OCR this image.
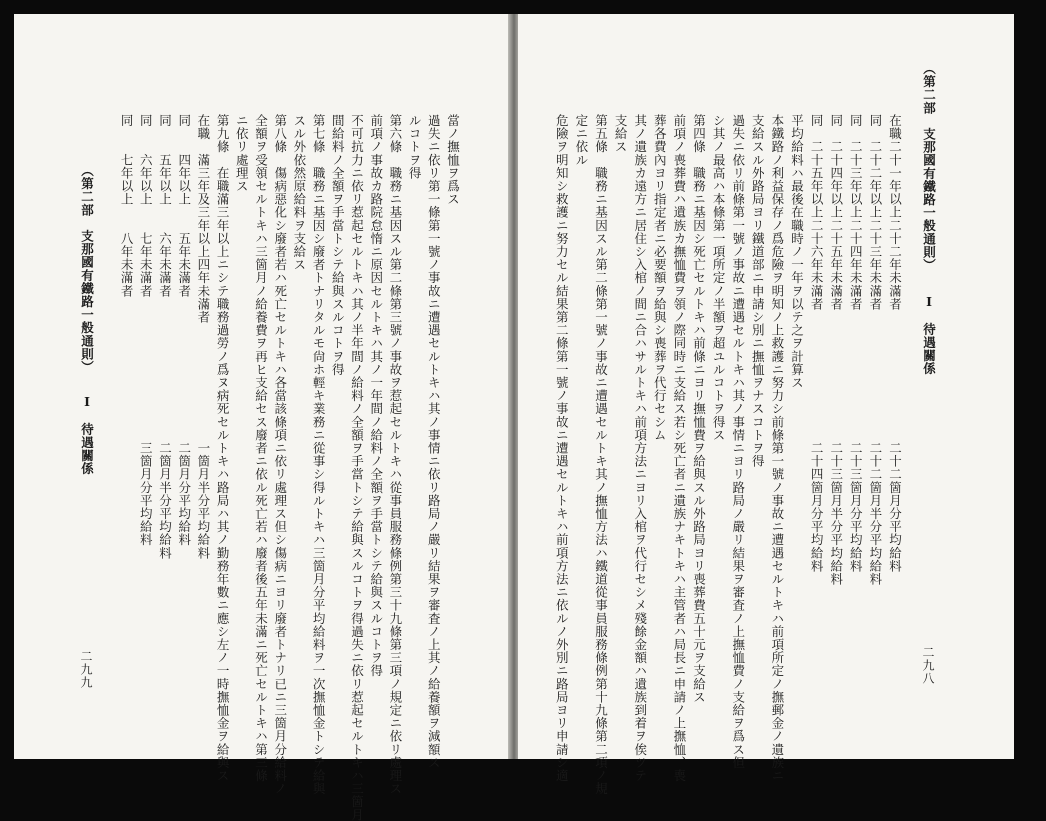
（第二部　支那國有鐵路一般通則）
Ⅰ　待遇關係
二九九
當ノ撫恤ヲ爲ス
過失ニ依リ第一條第一號ノ事故ニ遭遇セルトキハ其ノ事情ニ依リ路局ノ嚴リ結果ヲ審査ノ上其ノ給養額ヲ減額ス
ルコトヲ得
第六條　職務ニ基因スル第二條第三號ノ事故ヲ惹起セルトキハ從事員服務條例第三十九條第三項ノ規定ニ依リ處理ス
前項ノ事故カ路院怠惰ニ原因セルトキハ其ノ一年間ノ給料ノ全額ヲ手當トシテ給與スルコトヲ得
不可抗力ニ依リ惹起セルトキハ其ノ半年間ノ給料ノ全額ヲ手當トシテ給與スルコトヲ得過失ニ依リ惹起セルトキハ三箇月
間給料ノ全額ヲ手當トシテ給與スルコトヲ得
第七條　職務ニ基因シ廢者トナリタルモ尙ホ輕キ業務ニ從事シ得ルトキハ三箇月分平均給料ヲ一次撫恤金トシテ給與
スル外依然原給料ヲ支給ス
第八條　傷病惡化シ廢者若ハ死亡セルトキハ各當該條項ニ依リ處理ス但シ傷病ニヨリ廢者トナリ已ニ三箇月分給料ノ
全額ヲ受領セルトキハ三箇月ノ給養費ヲ再ヒ支給セス廢者ニ依ル死亡若ハ廢者後五年未滿ニ死亡セルトキハ第三條
ニ依リ處理ス
第九條　在職滿三年以上ニシテ職務過勞ノ爲ヌ病死セルトキハ路局ハ其ノ勤務年數ニ應シ左ノ一時撫恤金ヲ給與ス
在職　滿三年及三年以上四年未滿者　　　　　　　　　一箇月半分平均給料
同　　四年以上　　五年未滿者　　　　　　　　　　　二箇月分平均給料
同　　五年以上　　六年未滿者　　　　　　　　　　　二箇月半分平均給料
同　　六年以上　　七年未滿者　　　　　　　　　　　三箇月分平均給料
同　　七年以上　　八年未滿者	（第二部　支那國有鐵路一般通則）
Ⅰ　待遇關係
二九八
在職二十一年以上二十二年未滿者　　　　　　　　　　二十二箇月分平均給料
同　二十二年以上二十三年未滿者　　　　　　　　　　二十二箇月半分平均給料
同　二十三年以上二十四年未滿者　　　　　　　　　　二十三箇月分平均給料
同　二十四年以上二十五年未滿者　　　　　　　　　　二十三箇月半分平均給料
同　二十五年以上二十六年未滿者　　　　　　　　　　二十四箇月分平均給料
平均給料ハ最後在職時ノ一年ヲ以テ之ヲ計算ス
本鐵路ノ利益保存ノ爲危險ヲ明知ノ上救護ニ努力シ前條第一號ノ事故ニ遭遇セルトキハ前項所定ノ撫郵金ノ遺族ニ
支給スル外路局ヨリ鐵道部ニ申請シ別ニ撫恤ヲナスコトヲ得
過失ニ依リ前條第一號ノ事故ニ遭遇セルトキハ其ノ事情ニヨリ路局ノ嚴リ結果ヲ審査ノ上撫恤費ノ支給ヲ爲ス但
シ其ノ最高ハ本條第一項所定ノ半額ヲ超ユルコトヲ得ス
第四條　職務ニ基因シ死亡セルトキハ前條ニヨリ撫恤費ヲ給與スル外路局ヨリ喪葬費五十元ヲ支給ス
前項ノ喪葬費ハ遺族カ撫恤費ヲ領ノ際同時ニ支給ス若シ死亡者ニ遺族ナキトキハ主管者ハ局長ニ申請ノ上撫恤、喪
葬各費內ヨリ指定者ニ必要額ヲ給與シ喪葬ヲ代行セシム
其ノ遺族カ遠方ニ居住シ入棺ノ間ニ合ハサルトキハ前項方法ニヨリ入棺ヲ代行セシメ殘餘金額ハ遺族到着ヲ俟ツテ
支給ス
第五條　職務ニ基因スル第二條第一號ノ事故ニ遭遇セルトキ其ノ撫恤方法ハ鐵道從事員服務條例第十九條第二項ノ規
定ニ依ル
危險ヲ明知シ救護ニ努力セル結果第二條第一號ノ事故ニ遭遇セルトキハ前項方法ニ依ルノ外別ニ路局ヨリ申請シ適
